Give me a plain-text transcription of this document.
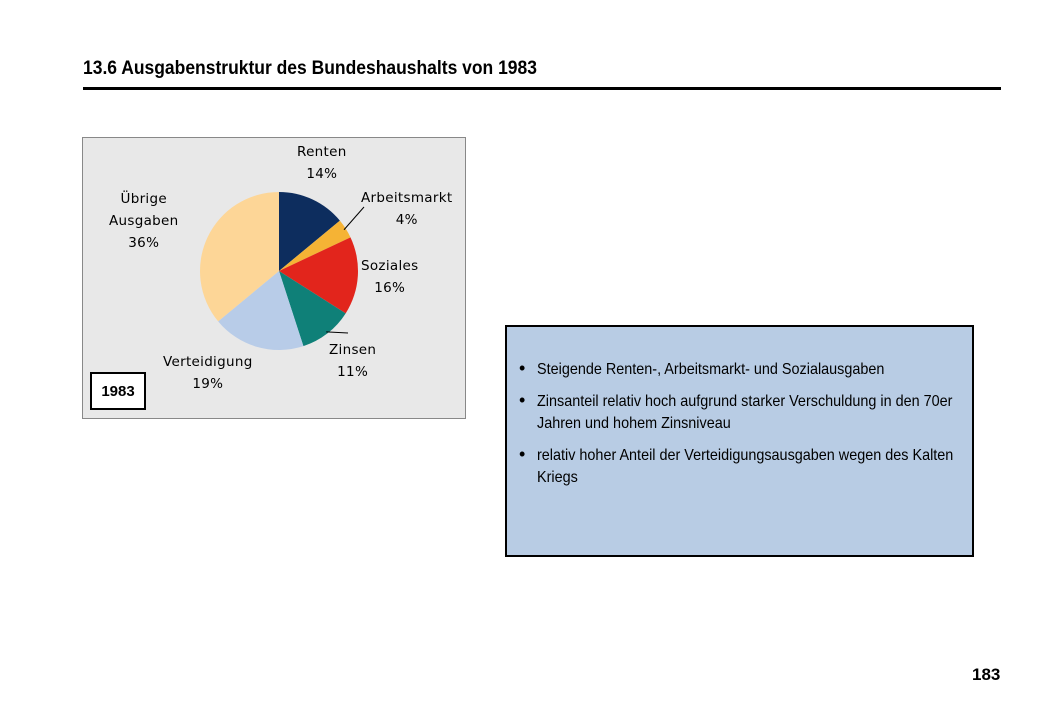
13.6 Ausgabenstruktur des Bundeshaushalts von 1983
Renten
14%
Arbeitsmarkt
4%
Soziales
16%
Zinsen
11%
Verteidigung
19%
Übrige
Ausgaben
36%
1983
• Steigende Renten-, Arbeitsmarkt- und Sozialausgaben
• Zinsanteil relativ hoch aufgrund starker Verschuldung in den 70er Jahren und hohem Zinsniveau
• relativ hoher Anteil der Verteidigungsausgaben wegen des Kalten Kriegs
183
